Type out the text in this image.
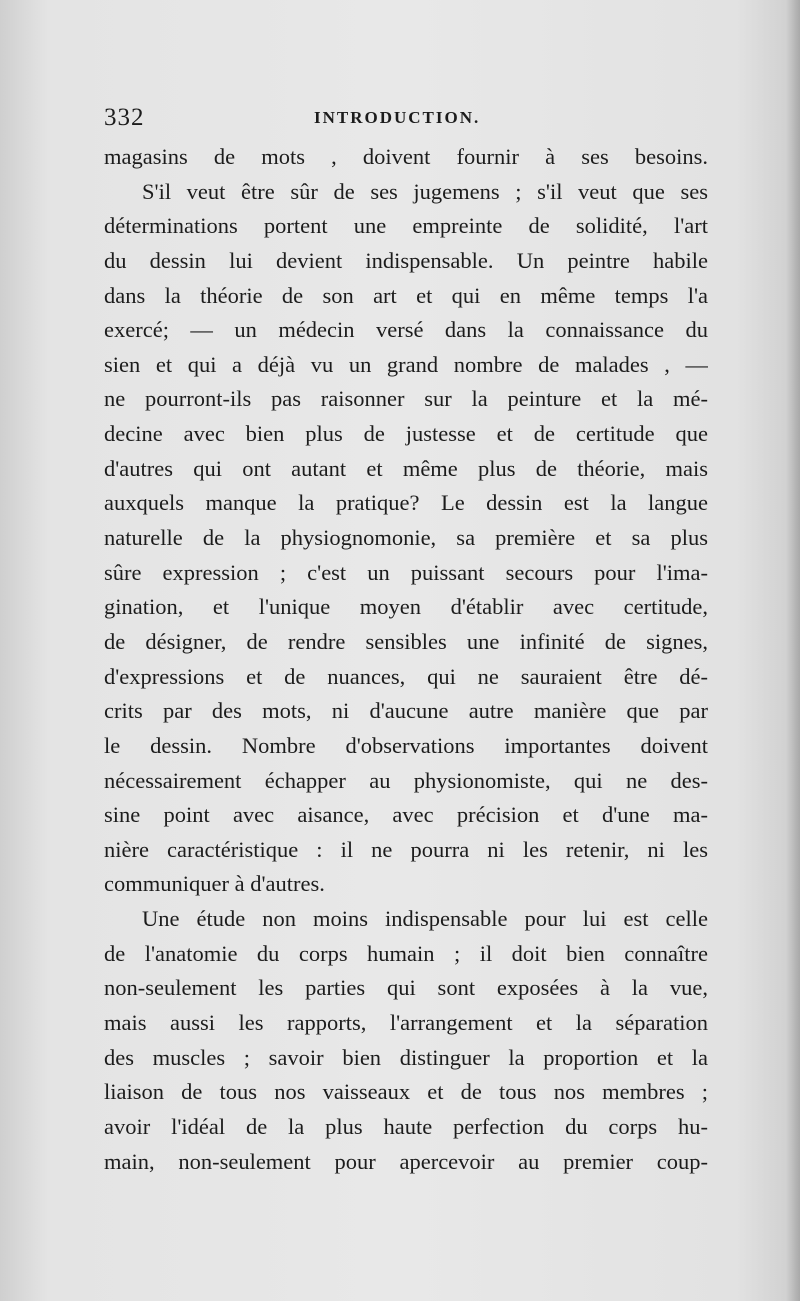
332	INTRODUCTION.
magasins de mots , doivent fournir à ses besoins.
S'il veut être sûr de ses jugemens ; s'il veut que ses
déterminations portent une empreinte de solidité, l'art
du dessin lui devient indispensable. Un peintre habile
dans la théorie de son art et qui en même temps l'a
exercé; — un médecin versé dans la connaissance du
sien et qui a déjà vu un grand nombre de malades , —
ne pourront-ils pas raisonner sur la peinture et la mé-
decine avec bien plus de justesse et de certitude que
d'autres qui ont autant et même plus de théorie, mais
auxquels manque la pratique? Le dessin est la langue
naturelle de la physiognomonie, sa première et sa plus
sûre expression ; c'est un puissant secours pour l'ima-
gination, et l'unique moyen d'établir avec certitude,
de désigner, de rendre sensibles une infinité de signes,
d'expressions et de nuances, qui ne sauraient être dé-
crits par des mots, ni d'aucune autre manière que par
le dessin. Nombre d'observations importantes doivent
nécessairement échapper au physionomiste, qui ne des-
sine point avec aisance, avec précision et d'une ma-
nière caractéristique : il ne pourra ni les retenir, ni les
communiquer à d'autres.
Une étude non moins indispensable pour lui est celle
de l'anatomie du corps humain ; il doit bien connaître
non-seulement les parties qui sont exposées à la vue,
mais aussi les rapports, l'arrangement et la séparation
des muscles ; savoir bien distinguer la proportion et la
liaison de tous nos vaisseaux et de tous nos membres ;
avoir l'idéal de la plus haute perfection du corps hu-
main, non-seulement pour apercevoir au premier coup-
